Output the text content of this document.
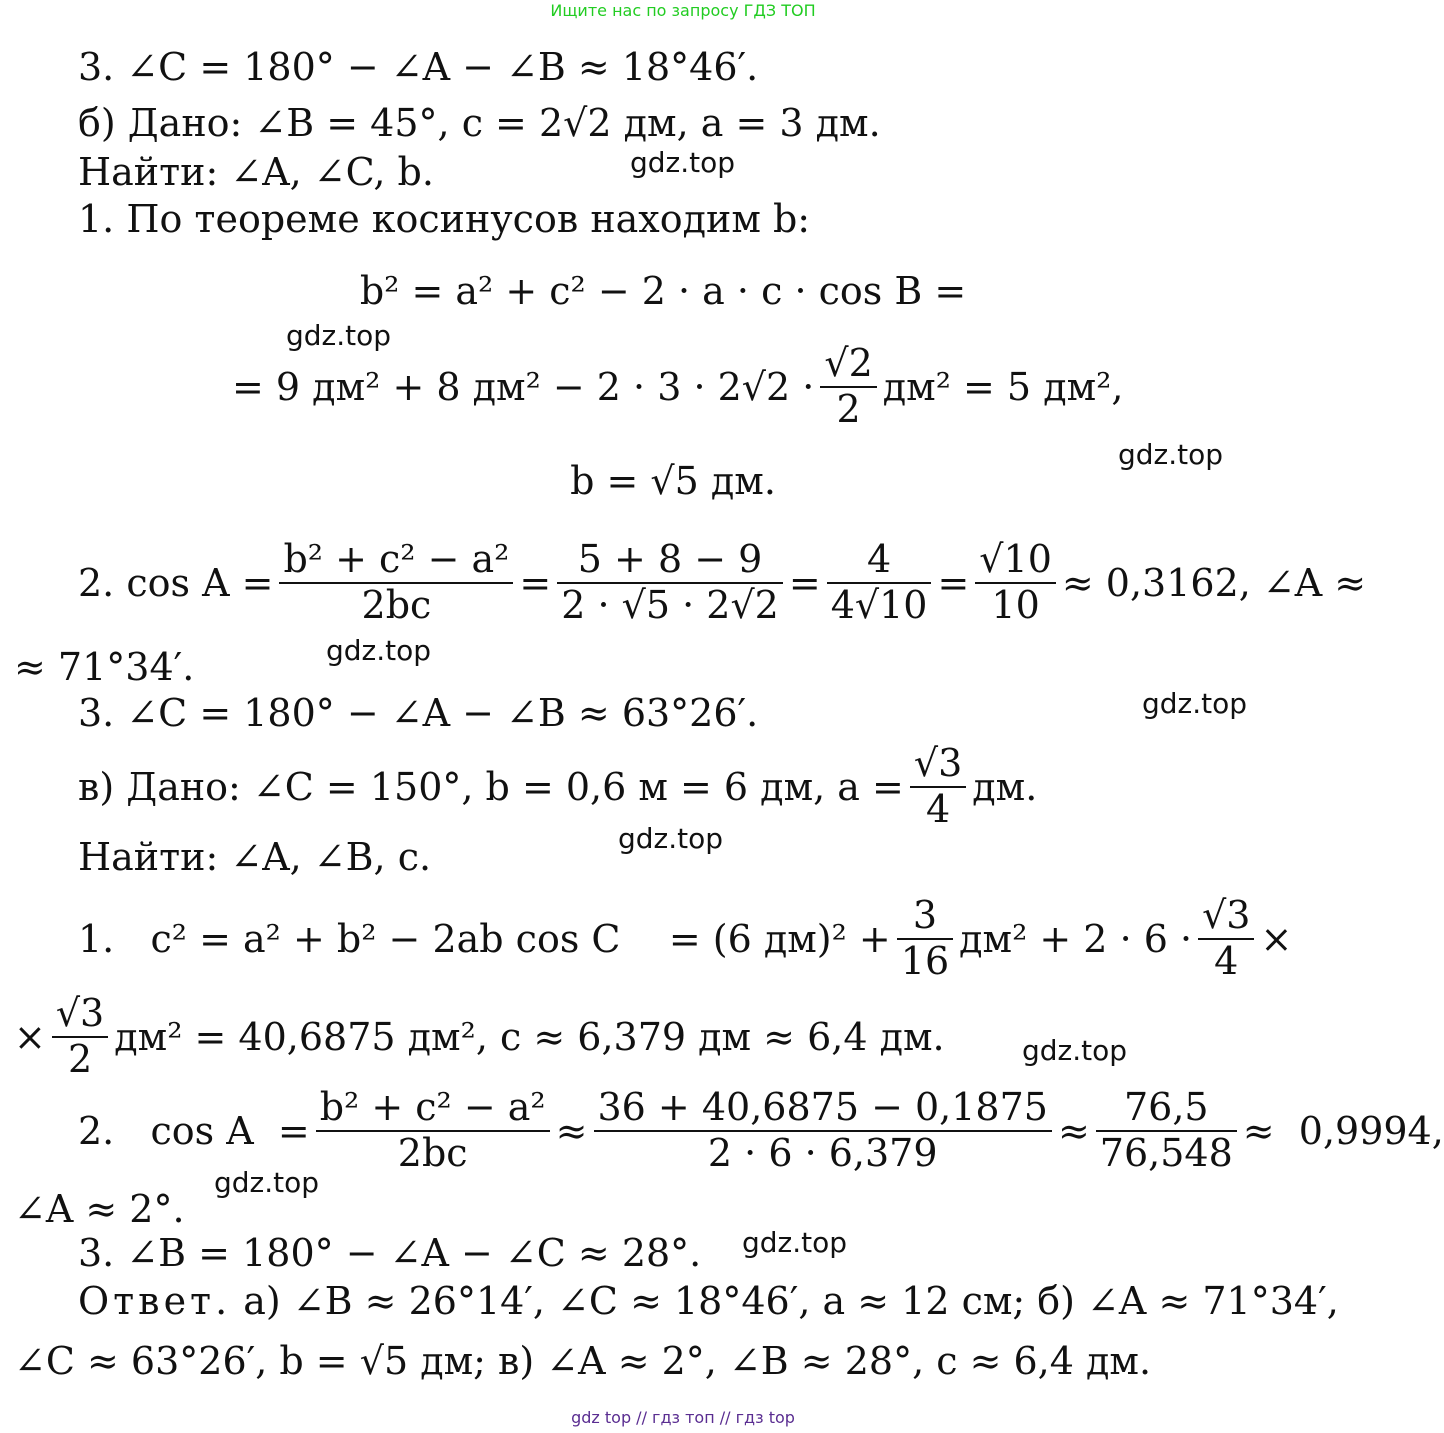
Ищите нас по запросу ГДЗ ТОП
3. ∠C = 180° − ∠A − ∠B ≈ 18°46′.
б) Дано: ∠B = 45°, c = 2√2 дм, a = 3 дм.
Найти: ∠A, ∠C, b.
1. По теореме косинусов находим b:
b² = a² + c² − 2 · a · c · cos B =
= 9 дм² + 8 $дм^2 - 2 \cdot 3 \cdot 2√2 \cdot \frac{√2}{2} дм^2 = 5$ дм²,
b = √5 дм.
2. $\cos A = \frac{\text{b² + c² − a²}}{2bc} = \frac{5 + 8 - 9}{2 \cdot √5 \cdot 2√2} = \frac{4}{4√10} = \frac{√10}{10} \approx 0,3162$, ∠A ≈
≈ 71°34′.
3. ∠C = 180° − ∠A − ∠B ≈ 63°26′.
в) Дано: ∠C = 150°, b = 0,6 м = 6 дм, $a = \frac{√3}{4}$ дм.
Найти: ∠A, ∠B, c.
1.   c² = a² + b² − 2ab cos C    = (6 $дм)^2 + \frac{3}{16} дм^2 + 2 \cdot 6 \cdot \frac{√3}{4}$ ×
× $\frac{√3}{2} дм^2 = 40,6875$ дм², c ≈ 6,379 дм ≈ 6,4 дм.
2.   $\cos A = \frac{\text{b² + c² − a²}}{2bc} \approx \frac{36 + 40,6875 - 0,1875}{2 \cdot 6 \cdot 6,379} \approx \frac{76,5}{76,548} \approx 0,9994$,
∠A ≈ 2°.
3. ∠B = 180° − ∠A − ∠C ≈ 28°.
Ответ. а) ∠B ≈ 26°14′, ∠C ≈ 18°46′, a ≈ 12 см; б) ∠A ≈ 71°34′,
∠C ≈ 63°26′, b = √5 дм; в) ∠A ≈ 2°, ∠B ≈ 28°, c ≈ 6,4 дм.
gdz.top
gdz.top
gdz.top
gdz.top
gdz.top
gdz.top
gdz.top
gdz.top
gdz.top
gdz top // гдз топ // гдз top
